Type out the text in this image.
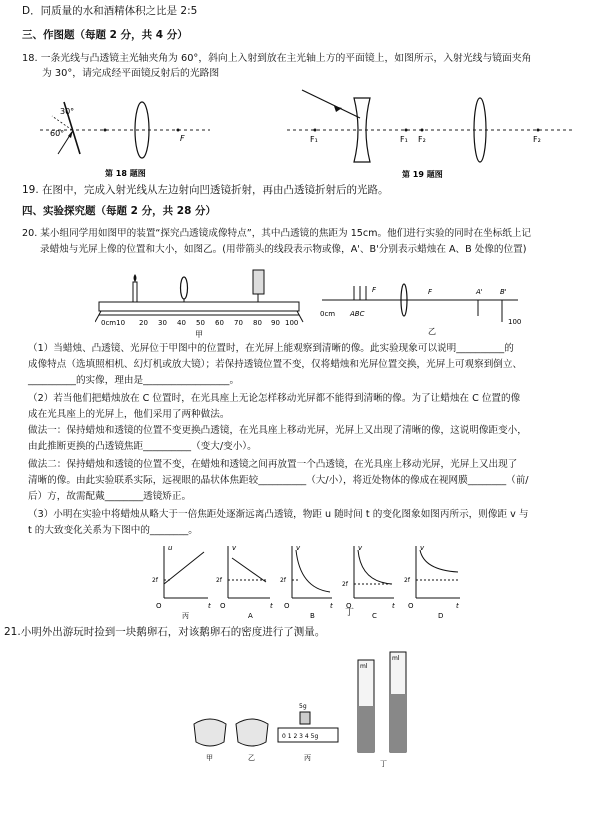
D．同质量的水和酒精体积之比是 2:5
三、作图题（每题 2 分，共 4 分）
18. 一条光线与凸透镜主光轴夹角为 60°，斜向上入射到放在主光轴上方的平面镜上，如图所示，入射光线与镜面夹角
为 30°，请完成经平面镜反射后的光路图
30°
60°
F
第 18 题图
F₁	F₁ F₂	F₂
第 19 题图
19. 在图中，完成入射光线从左边射向凹透镜折射，再由凸透镜折射后的光路。
四、实验探究题（每题 2 分，共 28 分）
20. 某小组同学用如图甲的装置“探究凸透镜成像特点”，其中凸透镜的焦距为 15cm。他们进行实验的同时在坐标纸上记
录蜡烛与光屏上像的位置和大小，如图乙。(用带箭头的线段表示物或像，A'、B'分别表示蜡烛在 A、B 处像的位置)
0cm10 20 30 40 50 60 70 80 90 100
甲
0cm ABC
F	F	A' B'
100
乙
（1）当蜡烛、凸透镜、光屏位于甲图中的位置时，在光屏上能观察到清晰的像。此实验现象可以说明__________的
成像特点（选填照相机、幻灯机或放大镜）；若保持透镜位置不变，仅将蜡烛和光屏位置交换，光屏上可观察到倒立、
__________的实像，理由是__________________。
（2）若当他们把蜡烛放在 C 位置时，在光具座上无论怎样移动光屏都不能得到清晰的像。为了让蜡烛在 C 位置的像
成在光具座上的光屏上，他们采用了两种做法。
做法一：保持蜡烛和透镜的位置不变更换凸透镜，在光具座上移动光屏，光屏上又出现了清晰的像，这说明像距变小，
由此推断更换的凸透镜焦距__________（变大/变小）。
做法二：保持蜡烛和透镜的位置不变，在蜡烛和透镜之间再放置一个凸透镜，在光具座上移动光屏，光屏上又出现了
清晰的像。由此实验联系实际，远视眼的晶状体焦距较__________（大/小），将近处物体的像成在视网膜________（前/
后）方，故需配戴________透镜矫正。
（3）小明在实验中将蜡烛从略大于一倍焦距处逐渐远离凸透镜，物距 u 随时间 t 的变化图象如图丙所示，则像距 v 与
t 的大致变化关系为下图中的________。
u
2f
O	t
丙
v
2f
O	t
A
v
2f
O	t
B
v
2f
O	t
C
v
2f
O	t
D
丁
21.小明外出游玩时捡到一块鹅卵石，对该鹅卵石的密度进行了测量。
甲	乙
5g
0 1 2 3 4 5g
丙
ml
ml
丁
